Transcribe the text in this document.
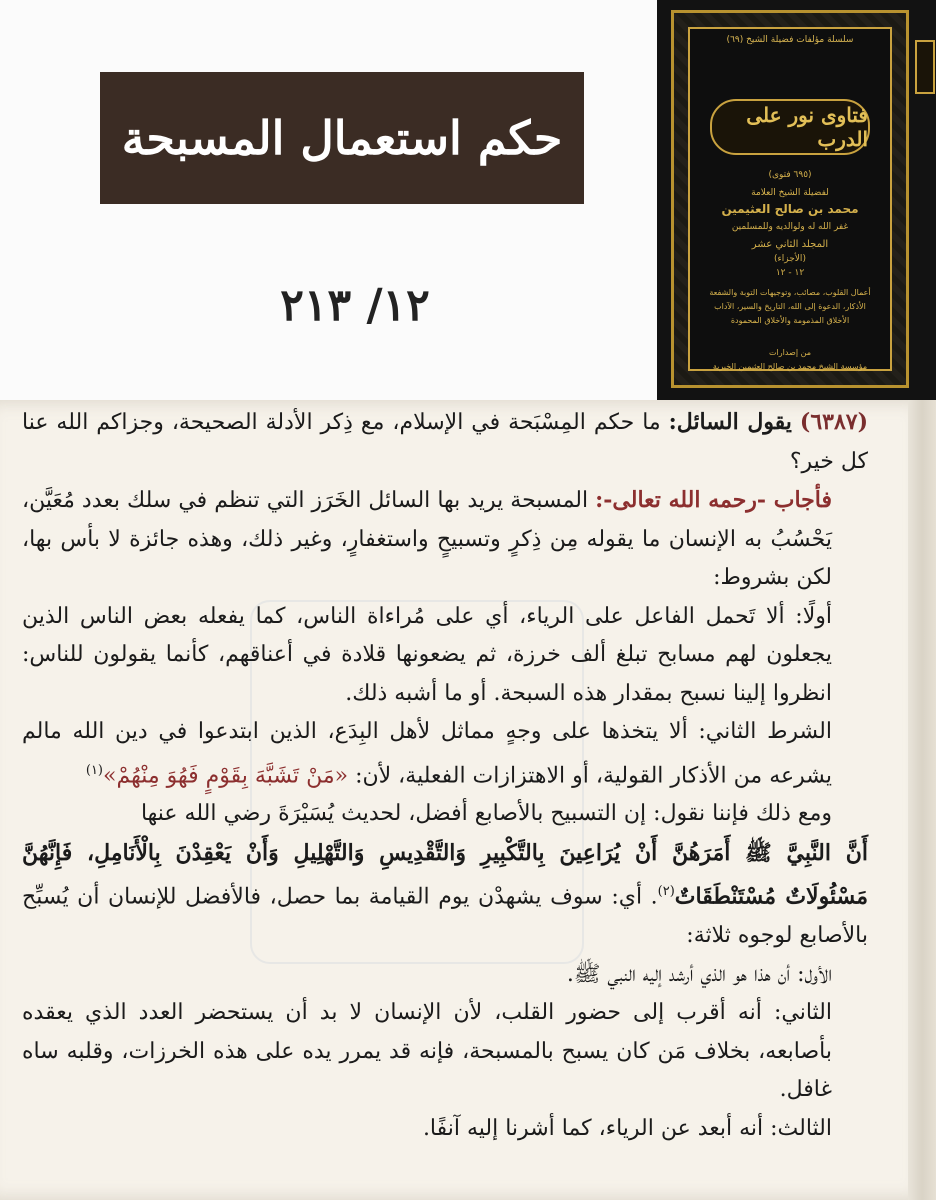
حكم استعمال المسبحة
١٢/ ٢١٣
سلسلة مؤلفات فضيلة الشيخ (٦٩)
فتاوى نور على الدرب
(٦٩٥ فتوى)
لفضيلة الشيخ العلامة
محمد بن صالح العثيمين
غفر الله له ولوالديه وللمسلمين
المجلد الثاني عشر
(الأجزاء)
١٢ - ١٢
أعمال القلوب، مصائب، وتوجيهات التوبة والشفعة
الأذكار، الدعوة إلى الله، التاريخ والسير، الآداب
الأخلاق المذمومة والأخلاق المحمودة
من إصدارات
مؤسسة الشيخ محمد بن صالح العثيمين الخيرية

(٦٣٨٧) يقول السائل: ما حكم المِسْبَحة في الإسلام، مع ذِكر الأدلة الصحيحة، وجزاكم الله عنا كل خير؟

فأجاب -رحمه الله تعالى-: المسبحة يريد بها السائل الخَرَز التي تنظم في سلك بعدد مُعَيَّن، يَحْسُبُ به الإنسان ما يقوله مِن ذِكرٍ وتسبيحٍ واستغفارٍ، وغير ذلك، وهذه جائزة لا بأس بها، لكن بشروط:

أولًا: ألا تَحمل الفاعل على الرياء، أي على مُراءاة الناس، كما يفعله بعض الناس الذين يجعلون لهم مسابح تبلغ ألف خرزة، ثم يضعونها قلادة في أعناقهم، كأنما يقولون للناس: انظروا إلينا نسبح بمقدار هذه السبحة. أو ما أشبه ذلك.

الشرط الثاني: ألا يتخذها على وجهٍ مماثل لأهل البِدَع، الذين ابتدعوا في دين الله مالم يشرعه من الأذكار القولية، أو الاهتزازات الفعلية، لأن: «مَنْ تَشَبَّهَ بِقَوْمٍ فَهُوَ مِنْهُمْ»$^{(١)}$

ومع ذلك فإننا نقول: إن التسبيح بالأصابع أفضل، لحديث يُسَيْرَةَ رضي الله عنها

أَنَّ النَّبِيَّ ﷺ أَمَرَهُنَّ أَنْ يُرَاعِينَ بِالتَّكْبِيرِ وَالتَّقْدِيسِ وَالتَّهْلِيلِ وَأَنْ يَعْقِدْنَ بِالْأَنَامِلِ، فَإِنَّهُنَّ مَسْئُولَاتٌ مُسْتَنْطَقَاتٌ$^{(٢)}$. أي: سوف يشهدْن يوم القيامة بما حصل، فالأفضل للإنسان أن يُسبِّح بالأصابع لوجوه ثلاثة:

الأول: أن هذا هو الذي أرشد إليه النبي ﷺ.

الثاني: أنه أقرب إلى حضور القلب، لأن الإنسان لا بد أن يستحضر العدد الذي يعقده بأصابعه، بخلاف مَن كان يسبح بالمسبحة، فإنه قد يمرر يده على هذه الخرزات، وقلبه ساه غافل.

الثالث: أنه أبعد عن الرياء، كما أشرنا إليه آنفًا.
